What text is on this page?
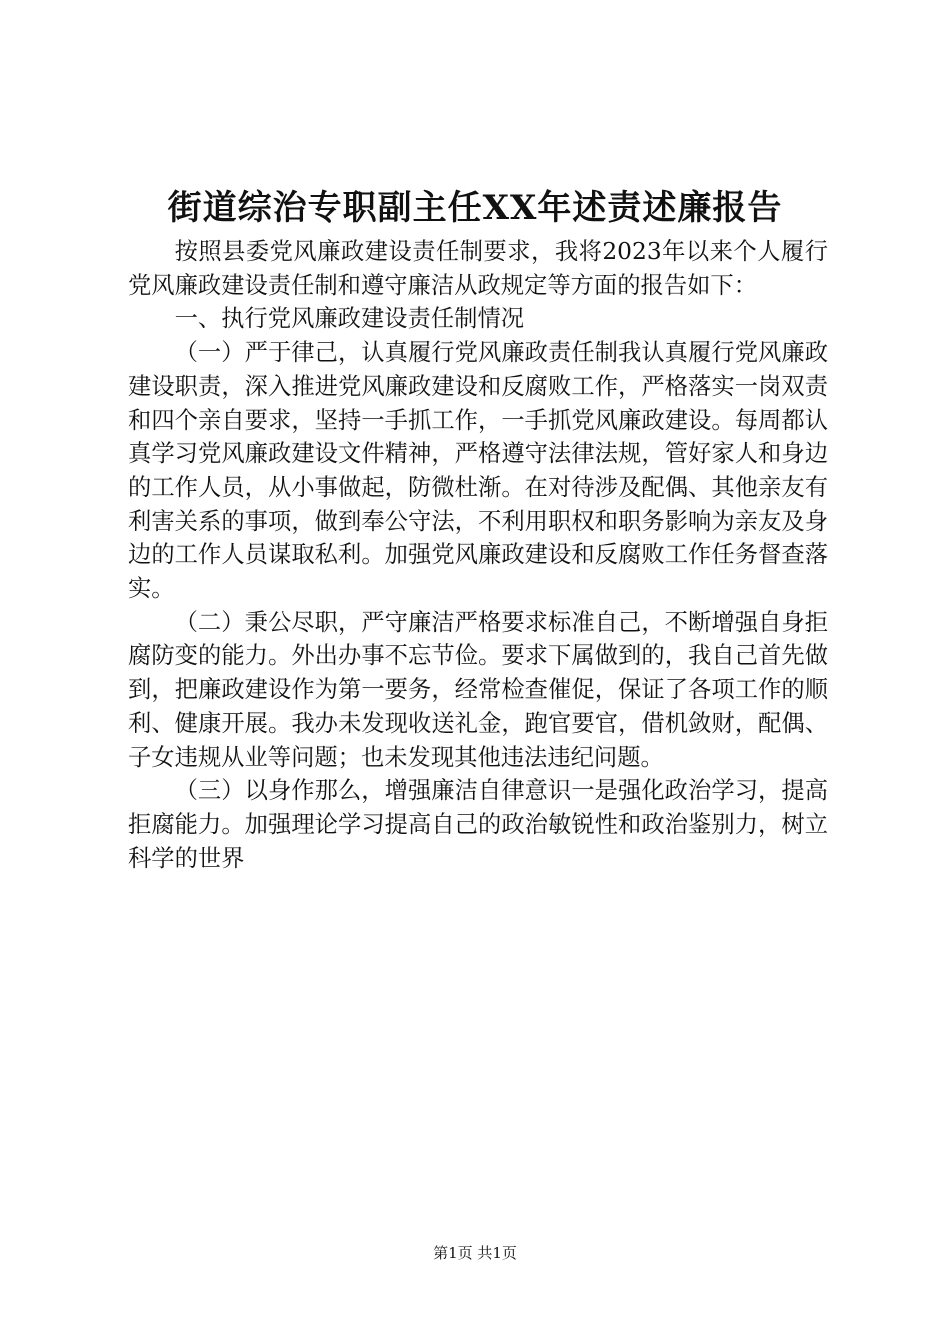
街道综治专职副主任XX年述责述廉报告

按照县委党风廉政建设责任制要求，我将2023年以来个人履行党风廉政建设责任制和遵守廉洁从政规定等方面的报告如下：

一、执行党风廉政建设责任制情况

（一）严于律己，认真履行党风廉政责任制我认真履行党风廉政建设职责，深入推进党风廉政建设和反腐败工作，严格落实一岗双责和四个亲自要求，坚持一手抓工作，一手抓党风廉政建设。每周都认真学习党风廉政建设文件精神，严格遵守法律法规，管好家人和身边的工作人员，从小事做起，防微杜渐。在对待涉及配偶、其他亲友有利害关系的事项，做到奉公守法，不利用职权和职务影响为亲友及身边的工作人员谋取私利。加强党风廉政建设和反腐败工作任务督查落实。

（二）秉公尽职，严守廉洁严格要求标准自己，不断增强自身拒腐防变的能力。外出办事不忘节俭。要求下属做到的，我自己首先做到，把廉政建设作为第一要务，经常检查催促，保证了各项工作的顺利、健康开展。我办未发现收送礼金，跑官要官，借机敛财，配偶、子女违规从业等问题；也未发现其他违法违纪问题。

（三）以身作那么，增强廉洁自律意识一是强化政治学习，提高拒腐能力。加强理论学习提高自己的政治敏锐性和政治鉴别力，树立科学的世界

第1页 共1页
